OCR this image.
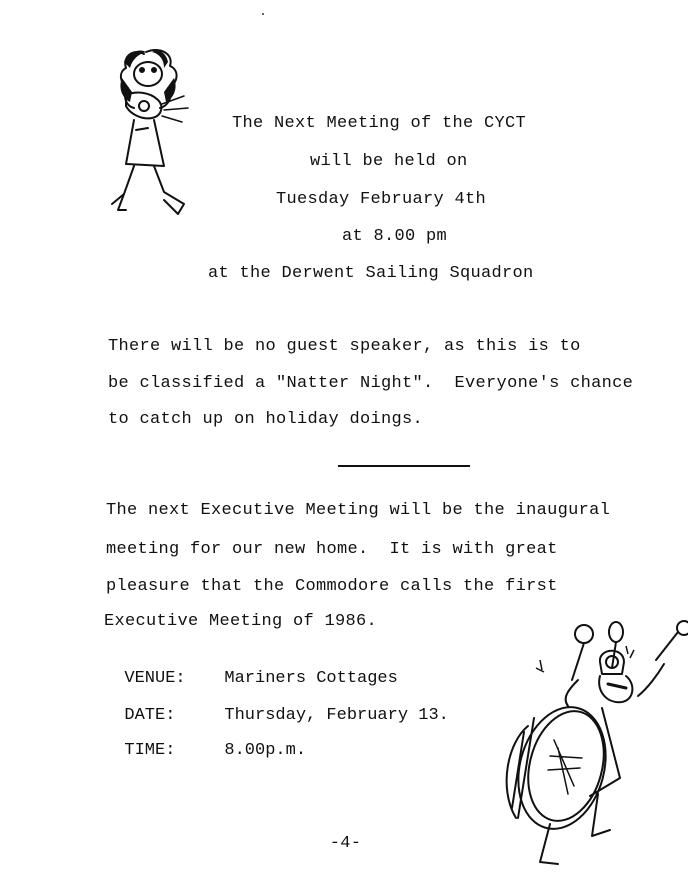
The Next Meeting of the CYCT
will be held on
Tuesday February 4th
at 8.00 pm
at the Derwent Sailing Squadron
There will be no guest speaker, as this is to
be classified a "Natter Night".  Everyone's chance
to catch up on holiday doings.
The next Executive Meeting will be the inaugural
meeting for our new home.  It is with great
pleasure that the Commodore calls the first
Executive Meeting of 1986.

VENUE: Mariners Cottages

DATE:	Thursday, February 13.

TIME:	8.00p.m.

-4-
